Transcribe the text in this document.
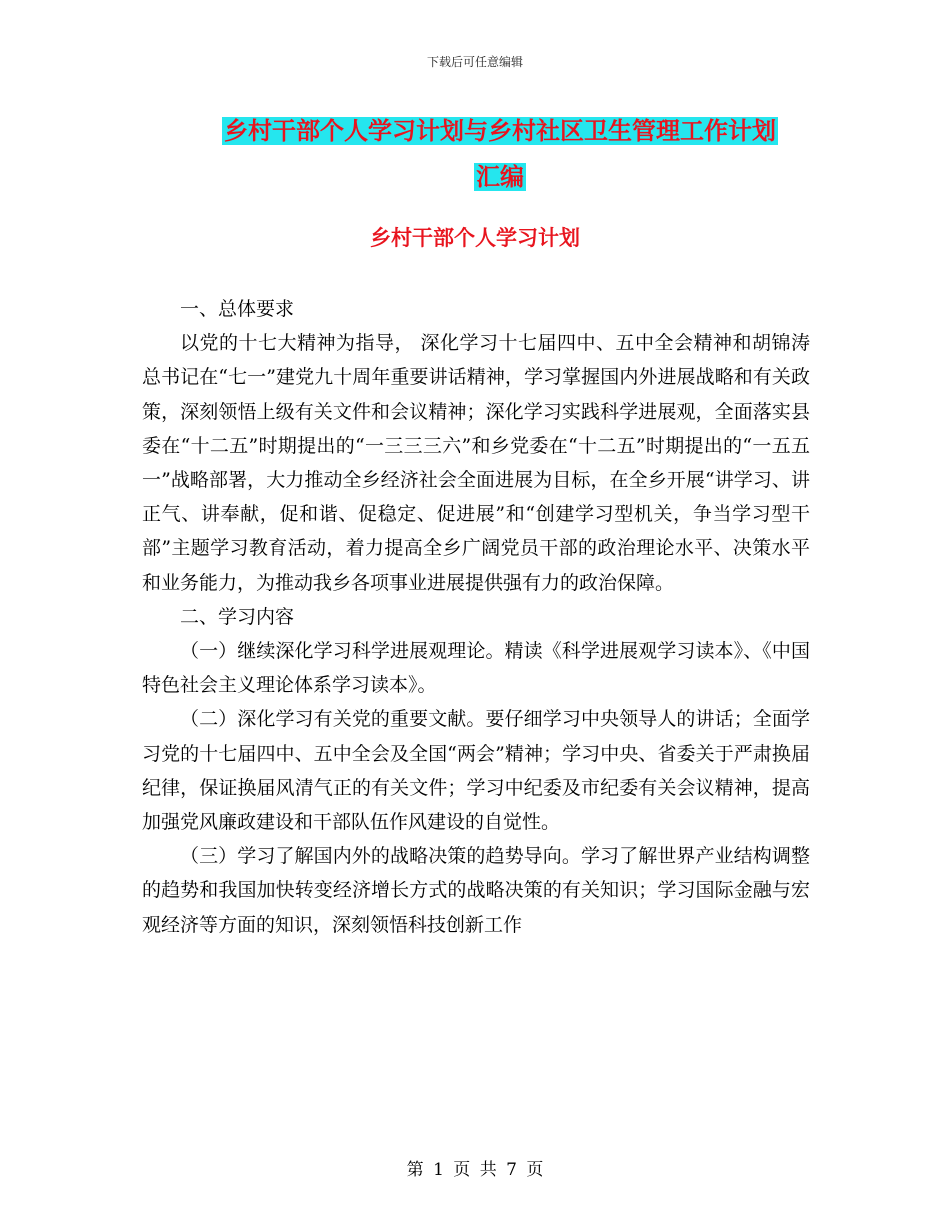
下载后可任意编辑
乡村干部个人学习计划与乡村社区卫生管理工作计划
汇编
乡村干部个人学习计划

一、总体要求

以党的十七大精神为指导， 深化学习十七届四中、五中全会精神和胡锦涛总书记在“七一”建党九十周年重要讲话精神，学习掌握国内外进展战略和有关政策，深刻领悟上级有关文件和会议精神；深化学习实践科学进展观，全面落实县委在“十二五”时期提出的“一三三三六”和乡党委在“十二五”时期提出的“一五五一”战略部署，大力推动全乡经济社会全面进展为目标，在全乡开展“讲学习、讲正气、讲奉献，促和谐、促稳定、促进展”和“创建学习型机关，争当学习型干部”主题学习教育活动，着力提高全乡广阔党员干部的政治理论水平、决策水平和业务能力，为推动我乡各项事业进展提供强有力的政治保障。

二、学习内容

（一）继续深化学习科学进展观理论。精读《科学进展观学习读本》、《中国特色社会主义理论体系学习读本》。

（二）深化学习有关党的重要文献。要仔细学习中央领导人的讲话；全面学习党的十七届四中、五中全会及全国“两会”精神；学习中央、省委关于严肃换届纪律，保证换届风清气正的有关文件；学习中纪委及市纪委有关会议精神，提高加强党风廉政建设和干部队伍作风建设的自觉性。

（三）学习了解国内外的战略决策的趋势导向。学习了解世界产业结构调整的趋势和我国加快转变经济增长方式的战略决策的有关知识；学习国际金融与宏观经济等方面的知识，深刻领悟科技创新工作

第 1 页 共 7 页
